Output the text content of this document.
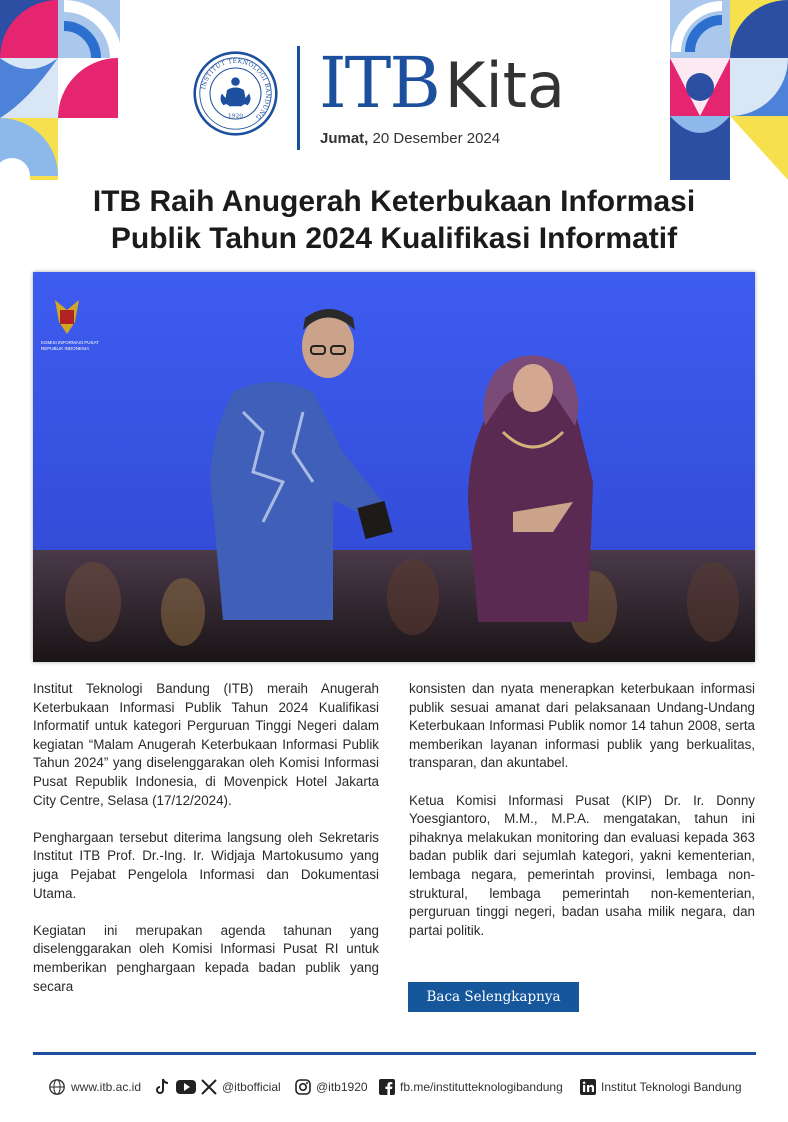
INSTITUT TEKNOLOGI BANDUNG
1920 ITBKita
Jumat, 20 Desember 2024
ITB Raih Anugerah Keterbukaan Informasi
Publik Tahun 2024 Kualifikasi Informatif
KOMISI INFORMASI PUSAT
REPUBLIK INDONESIA

Institut Teknologi Bandung (ITB) meraih Anugerah Keterbukaan Informasi Publik Tahun 2024 Kualifikasi Informatif untuk kategori Perguruan Tinggi Negeri dalam kegiatan “Malam Anugerah Keterbukaan Informasi Publik Tahun 2024” yang diselenggarakan oleh Komisi Informasi Pusat Republik Indonesia, di Movenpick Hotel Jakarta City Centre, Selasa (17/12/2024).

Penghargaan tersebut diterima langsung oleh Sekretaris Institut ITB Prof. Dr.-Ing. Ir. Widjaja Martokusumo yang juga Pejabat Pengelola Informasi dan Dokumentasi Utama.

Kegiatan ini merupakan agenda tahunan yang diselenggarakan oleh Komisi Informasi Pusat RI untuk memberikan penghargaan kepada badan publik yang secara

konsisten dan nyata menerapkan keterbukaan informasi publik sesuai amanat dari pelaksanaan Undang-Undang Keterbukaan Informasi Publik nomor 14 tahun 2008, serta memberikan layanan informasi publik yang berkualitas, transparan, dan akuntabel.

Ketua Komisi Informasi Pusat (KIP) Dr. Ir. Donny Yoesgiantoro, M.M., M.P.A. mengatakan, tahun ini pihaknya melakukan monitoring dan evaluasi kepada 363 badan publik dari sejumlah kategori, yakni kementerian, lembaga negara, pemerintah provinsi, lembaga non-struktural, lembaga pemerintah non-kementerian, perguruan tinggi negeri, badan usaha milik negara, dan partai politik.

Baca Selengkapnya >>>
www.itb.ac.id	@itbofficial	@itb1920	fb.me/institutteknologibandung	Institut Teknologi Bandung
